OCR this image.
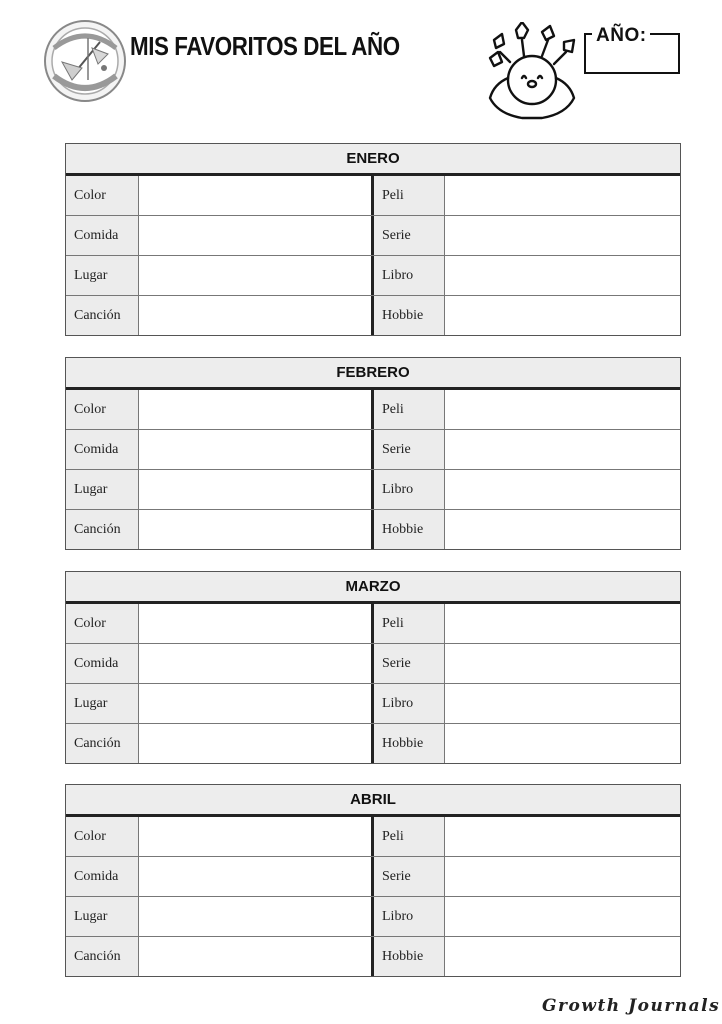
MIS FAVORITOS DEL AÑO	AÑO:
ENERO
Color	Peli
Comida	Serie
Lugar	Libro
Canción	Hobbie
FEBRERO
Color	Peli
Comida	Serie
Lugar	Libro
Canción	Hobbie
MARZO
Color	Peli
Comida	Serie
Lugar	Libro
Canción	Hobbie
ABRIL
Color	Peli
Comida	Serie
Lugar	Libro
Canción	Hobbie
Growth Journals
